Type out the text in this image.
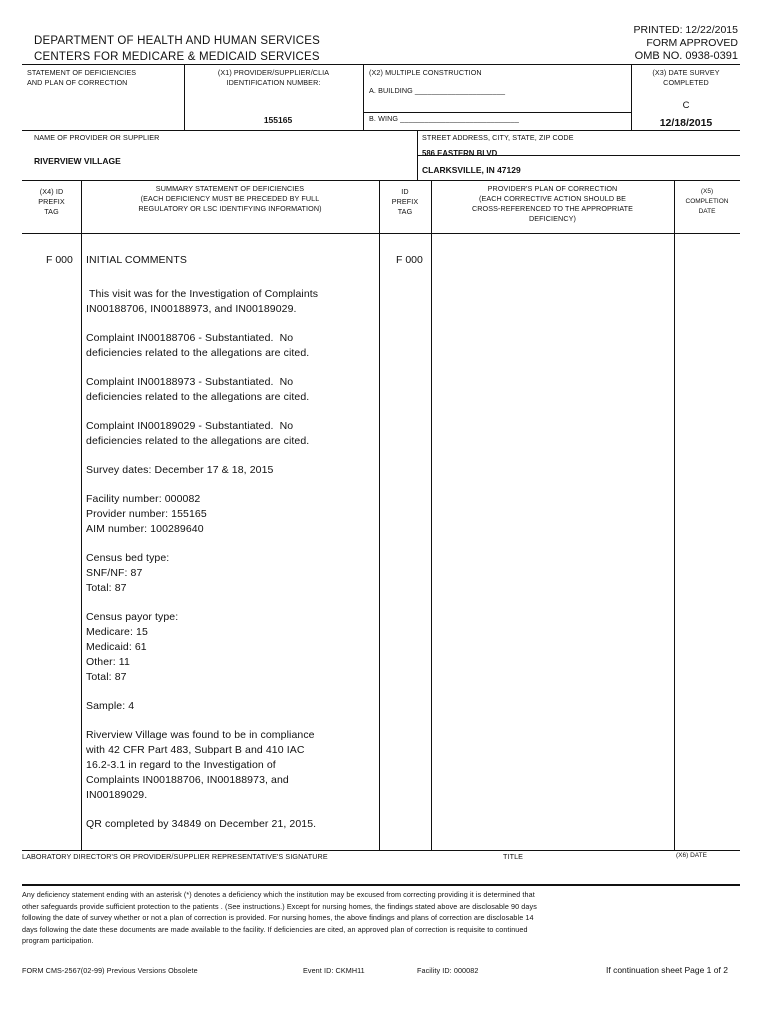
DEPARTMENT OF HEALTH AND HUMAN SERVICES
CENTERS FOR MEDICARE & MEDICAID SERVICES
PRINTED: 12/22/2015
FORM APPROVED
OMB NO. 0938-0391
STATEMENT OF DEFICIENCIES
AND PLAN OF CORRECTION
(X1) PROVIDER/SUPPLIER/CLIA
IDENTIFICATION NUMBER:
155165
(X2) MULTIPLE CONSTRUCTION
A. BUILDING ______________________
B. WING _____________________________
(X3) DATE SURVEY
COMPLETED
C
12/18/2015
NAME OF PROVIDER OR SUPPLIER
RIVERVIEW VILLAGE
STREET ADDRESS, CITY, STATE, ZIP CODE
586 EASTERN BLVD
CLARKSVILLE, IN 47129
(X4) ID
PREFIX
TAG
SUMMARY STATEMENT OF DEFICIENCIES
(EACH DEFICIENCY MUST BE PRECEDED BY FULL
REGULATORY OR LSC IDENTIFYING INFORMATION)
ID
PREFIX
TAG
PROVIDER'S PLAN OF CORRECTION
(EACH CORRECTIVE ACTION SHOULD BE
CROSS-REFERENCED TO THE APPROPRIATE
DEFICIENCY)
(X5)
COMPLETION
DATE
F 000	F 000

INITIAL COMMENTS

This visit was for the Investigation of Complaints
IN00188706, IN00188973, and IN00189029.

Complaint IN00188706 - Substantiated.  No
deficiencies related to the allegations are cited.

Complaint IN00188973 - Substantiated.  No
deficiencies related to the allegations are cited.

Complaint IN00189029 - Substantiated.  No
deficiencies related to the allegations are cited.

Survey dates: December 17 & 18, 2015

Facility number: 000082
Provider number: 155165
AIM number: 100289640

Census bed type:
SNF/NF: 87
Total: 87

Census payor type:
Medicare: 15
Medicaid: 61
Other: 11
Total: 87

Sample: 4

Riverview Village was found to be in compliance
with 42 CFR Part 483, Subpart B and 410 IAC
16.2-3.1 in regard to the Investigation of
Complaints IN00188706, IN00188973, and
IN00189029.

QR completed by 34849 on December 21, 2015.

LABORATORY DIRECTOR'S OR PROVIDER/SUPPLIER REPRESENTATIVE'S SIGNATURE	TITLE	(X6) DATE
Any deficiency statement ending with an asterisk (*) denotes a deficiency which the institution may be excused from correcting providing it is determined that
other safeguards provide sufficient protection to the patients . (See instructions.) Except for nursing homes, the findings stated above are disclosable 90 days
following the date of survey whether or not a plan of correction is provided. For nursing homes, the above findings and plans of correction are disclosable 14
days following the date these documents are made available to the facility. If deficiencies are cited, an approved plan of correction is requisite to continued
program participation.
FORM CMS-2567(02-99) Previous Versions Obsolete	Event ID: CKMH11	Facility ID: 000082	If continuation sheet Page 1 of 2
